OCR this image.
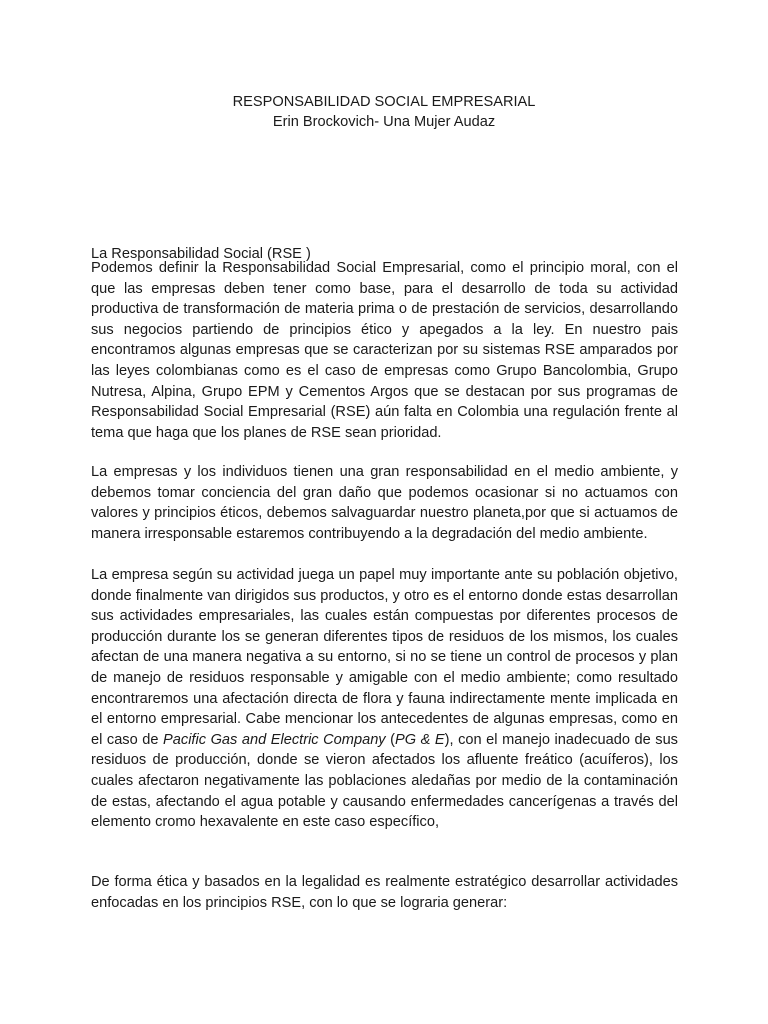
RESPONSABILIDAD SOCIAL EMPRESARIAL
Erin Brockovich- Una Mujer Audaz
La Responsabilidad Social (RSE )

Podemos definir la Responsabilidad Social Empresarial, como el principio moral, con el que las empresas deben tener como base, para el desarrollo de toda su actividad productiva de transformación de materia prima o de prestación de servicios, desarrollando sus negocios partiendo de principios ético y apegados a la ley. En nuestro pais encontramos algunas empresas que se caracterizan por su sistemas RSE amparados por las leyes colombianas como es el caso de empresas como Grupo Bancolombia, Grupo Nutresa, Alpina, Grupo EPM y Cementos Argos que se destacan por sus programas de Responsabilidad Social Empresarial (RSE) aún falta en Colombia una regulación frente al tema que haga que los planes de RSE sean prioridad.

La empresas y los individuos tienen una gran responsabilidad en el medio ambiente, y debemos tomar conciencia del gran daño que podemos ocasionar si no actuamos con valores y principios éticos, debemos salvaguardar nuestro planeta,por que si actuamos de manera irresponsable estaremos contribuyendo a la degradación del medio ambiente.

La empresa según su actividad juega un papel muy importante ante su población objetivo, donde finalmente van dirigidos sus productos, y otro es el entorno donde estas desarrollan sus actividades empresariales, las cuales están compuestas por diferentes procesos de producción durante los se generan diferentes tipos de residuos de los mismos, los cuales afectan de una manera negativa a su entorno, si no se tiene un control de procesos y plan de manejo de residuos responsable y amigable con el medio ambiente; como resultado encontraremos una afectación directa de flora y fauna indirectamente mente implicada en el entorno empresarial. Cabe mencionar los antecedentes de algunas empresas, como en el caso de Pacific Gas and Electric Company (PG & E), con el manejo inadecuado de sus residuos de producción, donde se vieron afectados los afluente freático (acuíferos), los cuales afectaron negativamente las poblaciones aledañas por medio de la contaminación de estas, afectando el agua potable y causando enfermedades cancerígenas a través del elemento cromo hexavalente en este caso específico,

De forma ética y basados en la legalidad es realmente estratégico desarrollar actividades enfocadas en los principios RSE, con lo que se lograria generar:
